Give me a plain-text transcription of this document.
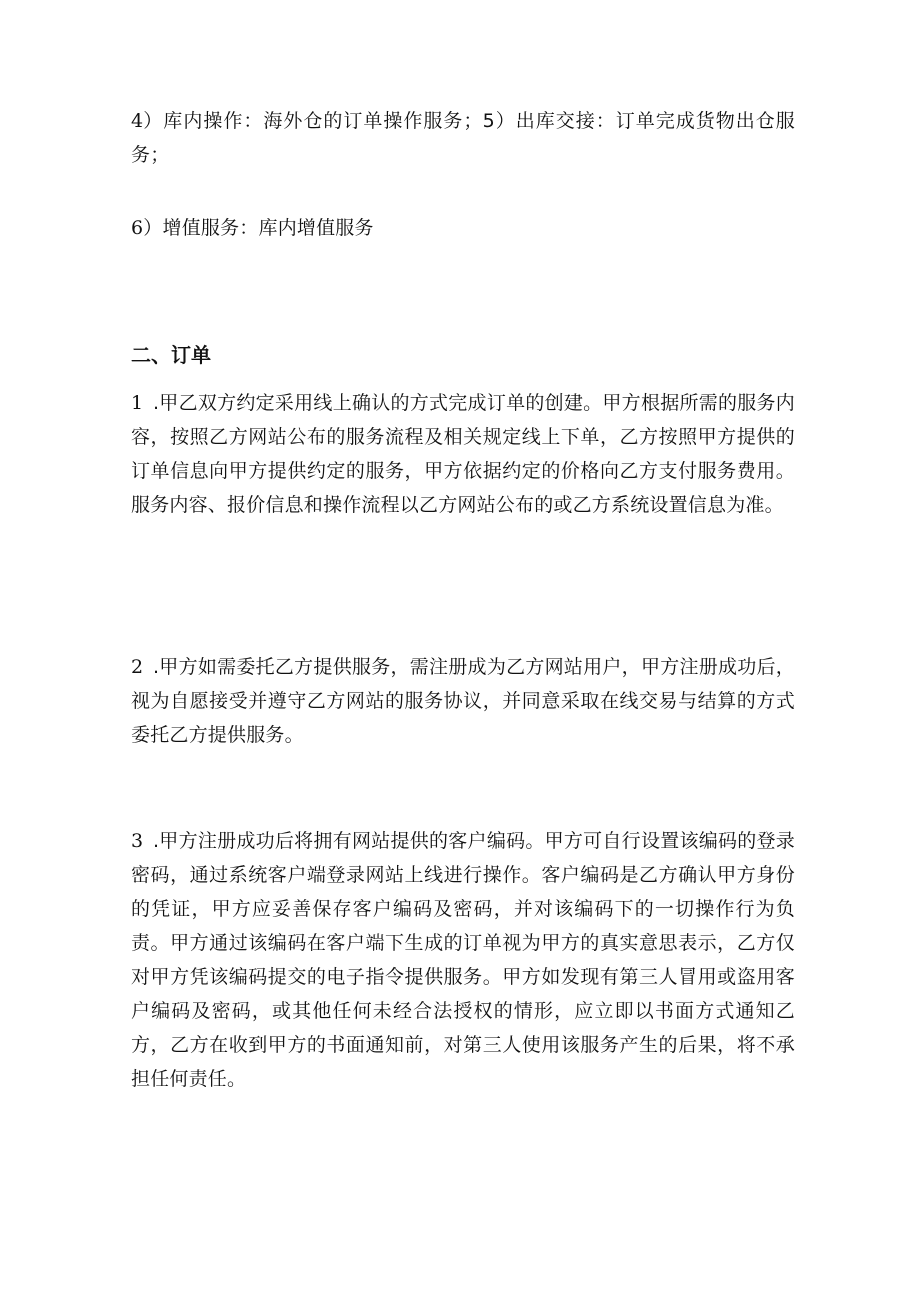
4）库内操作：海外仓的订单操作服务；5）出库交接：订单完成货物出仓服务；

6）增值服务：库内增值服务

二、订单

1 .甲乙双方约定采用线上确认的方式完成订单的创建。甲方根据所需的服务内容，按照乙方网站公布的服务流程及相关规定线上下单，乙方按照甲方提供的订单信息向甲方提供约定的服务，甲方依据约定的价格向乙方支付服务费用。服务内容、报价信息和操作流程以乙方网站公布的或乙方系统设置信息为准。

2 .甲方如需委托乙方提供服务，需注册成为乙方网站用户，甲方注册成功后，视为自愿接受并遵守乙方网站的服务协议，并同意采取在线交易与结算的方式委托乙方提供服务。

3 .甲方注册成功后将拥有网站提供的客户编码。甲方可自行设置该编码的登录密码，通过系统客户端登录网站上线进行操作。客户编码是乙方确认甲方身份的凭证，甲方应妥善保存客户编码及密码，并对该编码下的一切操作行为负责。甲方通过该编码在客户端下生成的订单视为甲方的真实意思表示，乙方仅对甲方凭该编码提交的电子指令提供服务。甲方如发现有第三人冒用或盗用客户编码及密码，或其他任何未经合法授权的情形，应立即以书面方式通知乙方，乙方在收到甲方的书面通知前，对第三人使用该服务产生的后果，将不承担任何责任。
